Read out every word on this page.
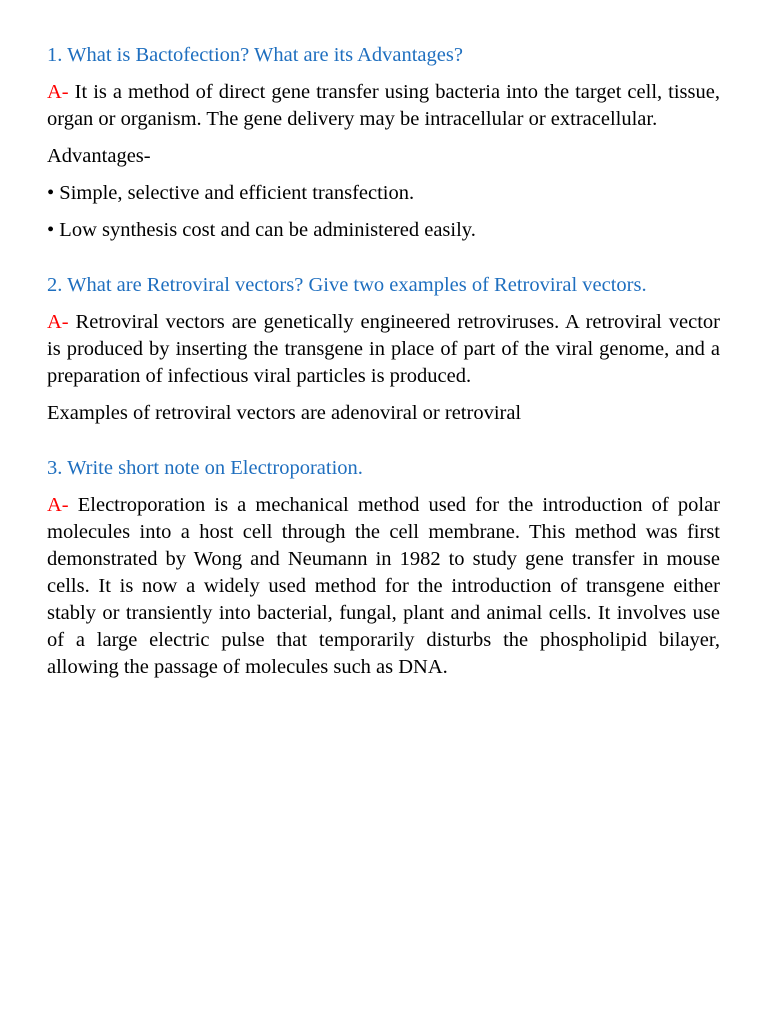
1. What is Bactofection? What are its Advantages?

A- It is a method of direct gene transfer using bacteria into the target cell, tissue, organ or organism. The gene delivery may be intracellular or extracellular.

Advantages-

• Simple, selective and efficient transfection.

• Low synthesis cost and can be administered easily.

2. What are Retroviral vectors? Give two examples of Retroviral vectors.

A- Retroviral vectors are genetically engineered retroviruses. A retroviral vector is produced by inserting the transgene in place of part of the viral genome, and a preparation of infectious viral particles is produced.

Examples of retroviral vectors are adenoviral or retroviral

3. Write short note on Electroporation.

A- Electroporation is a mechanical method used for the introduction of polar molecules into a host cell through the cell membrane. This method was first demonstrated by Wong and Neumann in 1982 to study gene transfer in mouse cells. It is now a widely used method for the introduction of transgene either stably or transiently into bacterial, fungal, plant and animal cells. It involves use of a large electric pulse that temporarily disturbs the phospholipid bilayer, allowing the passage of molecules such as DNA.
